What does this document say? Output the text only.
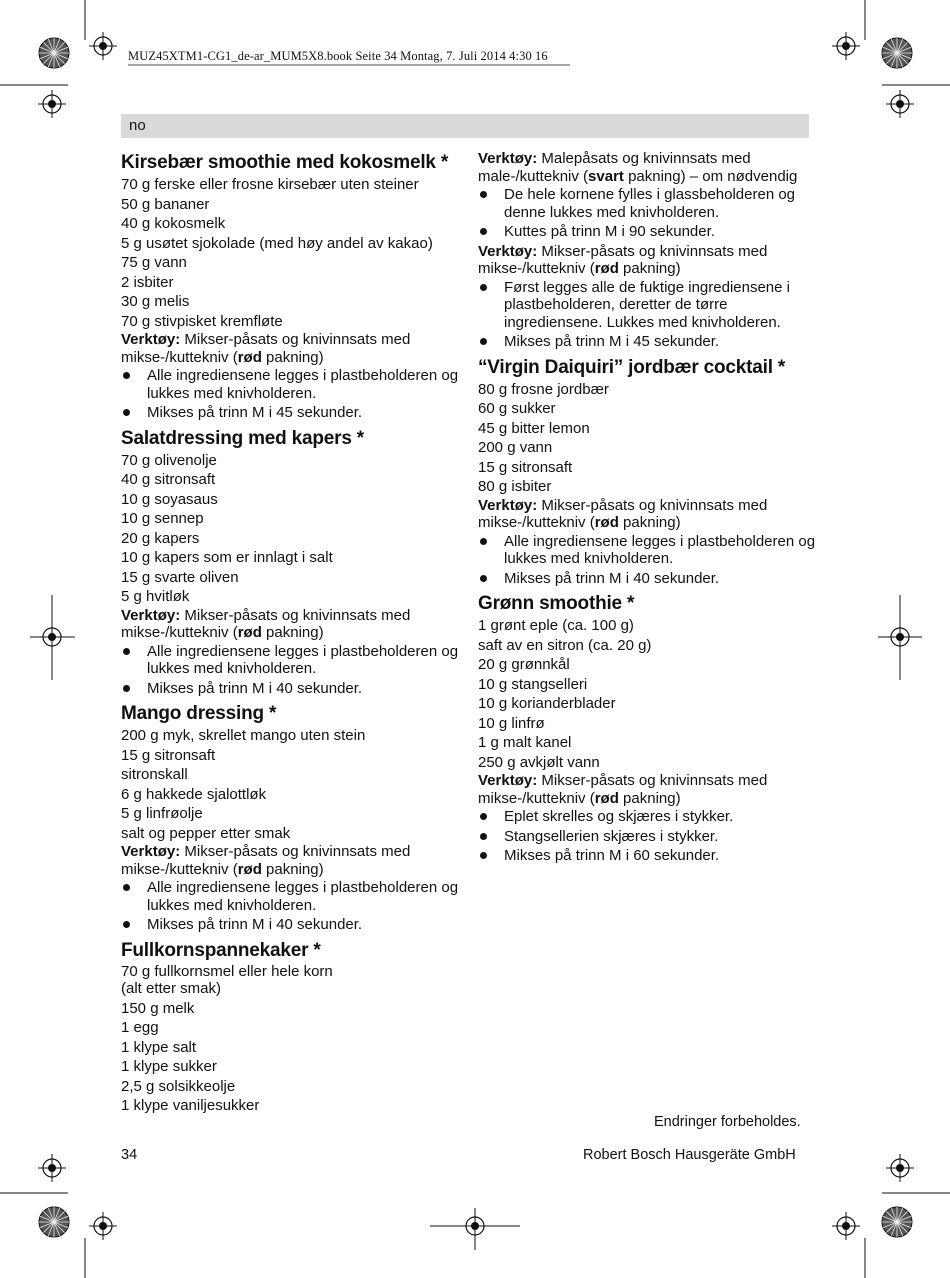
MUZ45XTM1-CG1_de-ar_MUM5X8.book Seite 34 Montag, 7. Juli 2014 4:30 16
no

Kirsebær smoothie med kokosmelk *

70 g ferske eller frosne kirsebær uten steiner

50 g bananer

40 g kokosmelk

5 g usøtet sjokolade (med høy andel av kakao)

75 g vann

2 isbiter

30 g melis

70 g stivpisket kremfløte

Verktøy: Mikser-påsats og knivinnsats med mikse-/kuttekniv (rød pakning)

Alle ingrediensene legges i plastbeholderen og lukkes med knivholderen.
Mikses på trinn M i 45 sekunder.

Salatdressing med kapers *

70 g olivenolje

40 g sitronsaft

10 g soyasaus

10 g sennep

20 g kapers

10 g kapers som er innlagt i salt

15 g svarte oliven

5 g hvitløk

Verktøy: Mikser-påsats og knivinnsats med mikse-/kuttekniv (rød pakning)

Alle ingrediensene legges i plastbeholderen og lukkes med knivholderen.
Mikses på trinn M i 40 sekunder.

Mango dressing *

200 g myk, skrellet mango uten stein

15 g sitronsaft

sitronskall

6 g hakkede sjalottløk

5 g linfrøolje

salt og pepper etter smak

Verktøy: Mikser-påsats og knivinnsats med mikse-/kuttekniv (rød pakning)

Alle ingrediensene legges i plastbeholderen og lukkes med knivholderen.
Mikses på trinn M i 40 sekunder.

Fullkornspannekaker *

70 g fullkornsmel eller hele korn

(alt etter smak)

150 g melk

1 egg

1 klype salt

1 klype sukker

2,5 g solsikkeolje

1 klype vaniljesukker

Verktøy: Malepåsats og knivinnsats med male-/kuttekniv (svart pakning) – om nødvendig

De hele kornene fylles i glassbeholderen og denne lukkes med knivholderen.
Kuttes på trinn M i 90 sekunder.

Verktøy: Mikser-påsats og knivinnsats med mikse-/kuttekniv (rød pakning)

Først legges alle de fuktige ingrediensene i plastbeholderen, deretter de tørre ingrediensene. Lukkes med knivholderen.
Mikses på trinn M i 45 sekunder.

“Virgin Daiquiri” jordbær cocktail *

80 g frosne jordbær

60 g sukker

45 g bitter lemon

200 g vann

15 g sitronsaft

80 g isbiter

Verktøy: Mikser-påsats og knivinnsats med mikse-/kuttekniv (rød pakning)

Alle ingrediensene legges i plastbeholderen og lukkes med knivholderen.
Mikses på trinn M i 40 sekunder.

Grønn smoothie *

1 grønt eple (ca. 100 g)

saft av en sitron (ca. 20 g)

20 g grønnkål

10 g stangselleri

10 g korianderblader

10 g linfrø

1 g malt kanel

250 g avkjølt vann

Verktøy: Mikser-påsats og knivinnsats med mikse-/kuttekniv (rød pakning)

Eplet skrelles og skjæres i stykker.
Stangsellerien skjæres i stykker.
Mikses på trinn M i 60 sekunder.
Endringer forbeholdes.
34	Robert Bosch Hausgeräte GmbH
